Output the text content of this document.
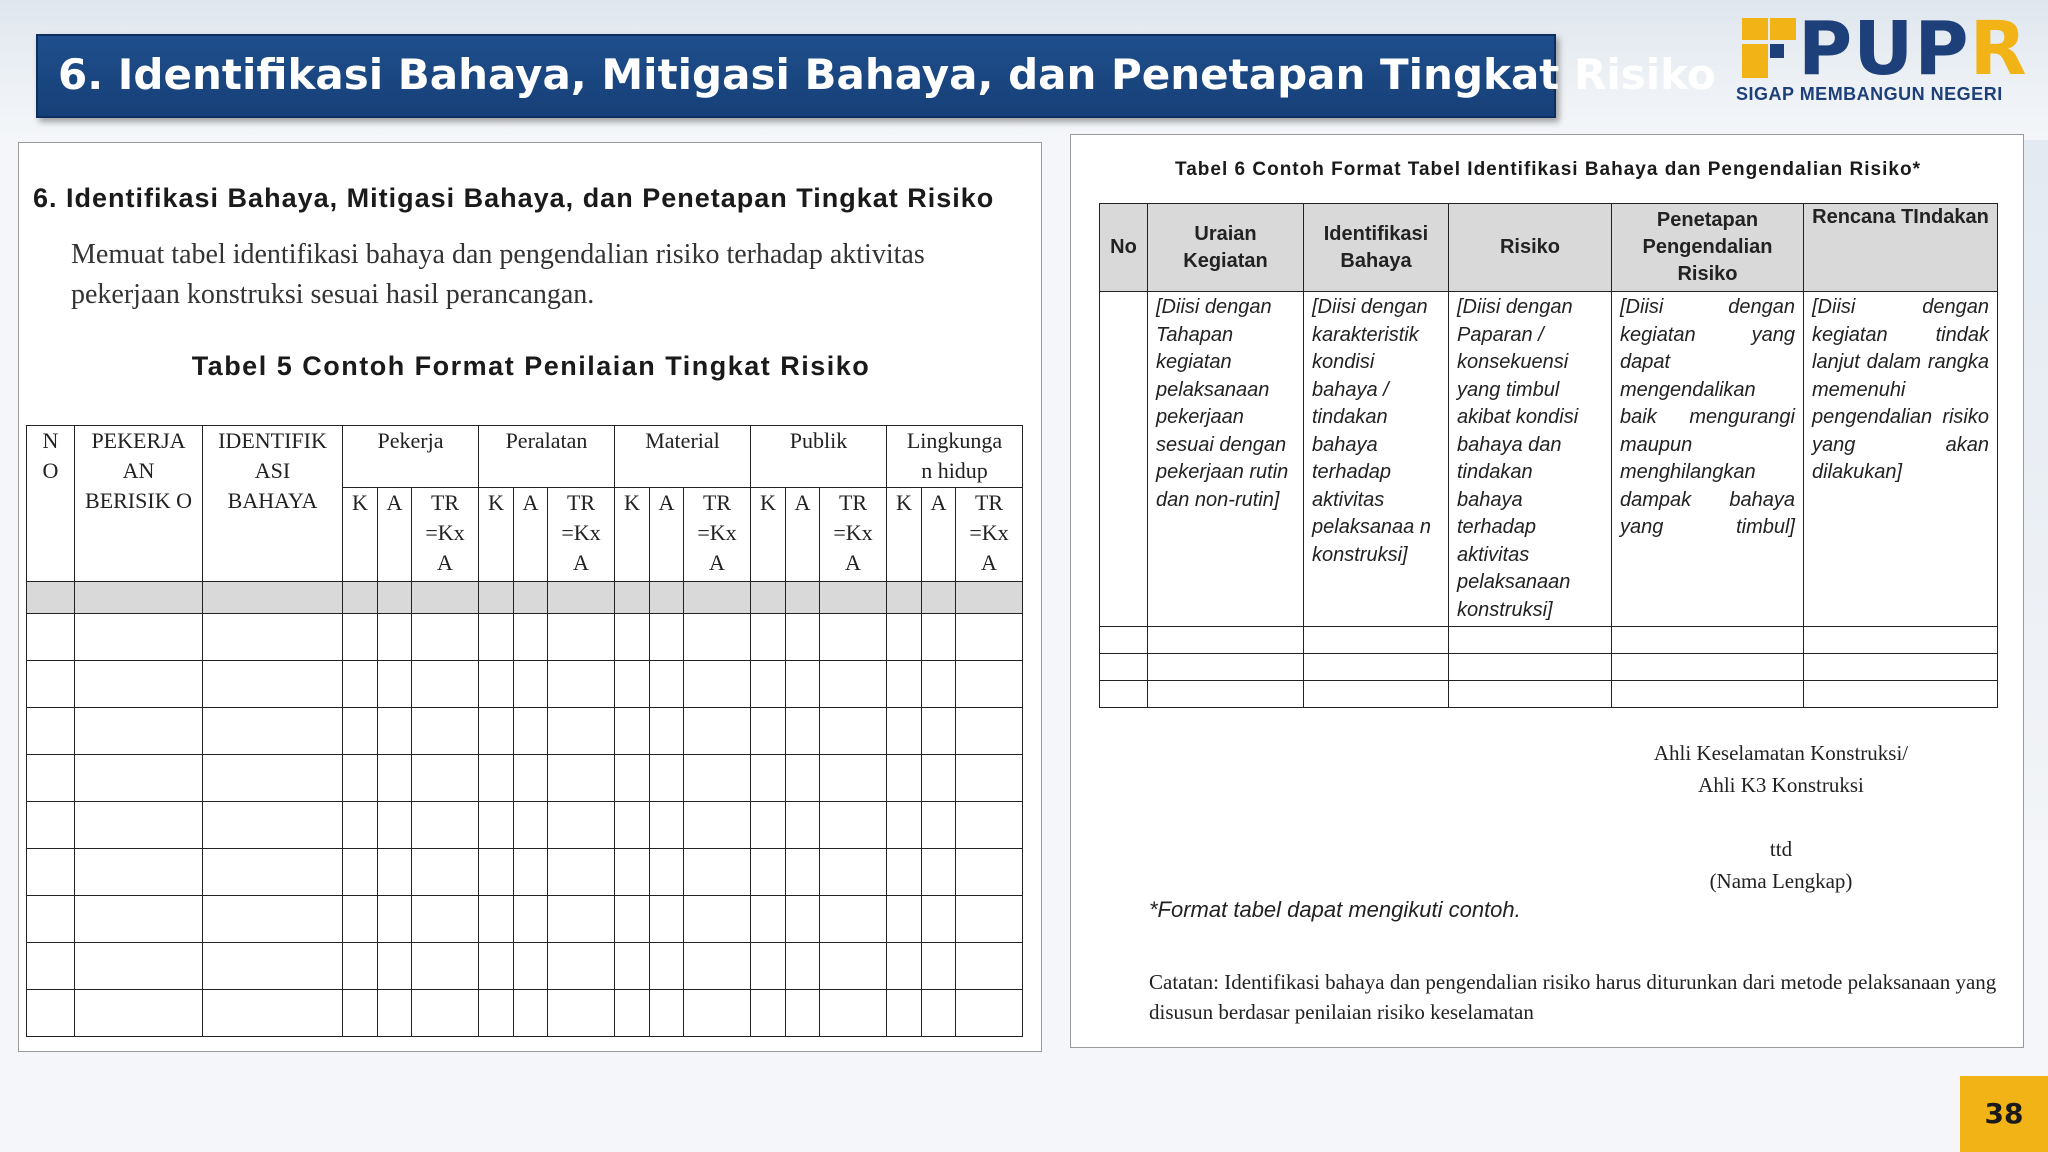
6. Identifikasi Bahaya, Mitigasi Bahaya, dan Penetapan Tingkat Risiko PUPR
SIGAP MEMBANGUN NEGERI
6. Identifikasi Bahaya, Mitigasi Bahaya, dan Penetapan Tingkat Risiko
Memuat tabel identifikasi bahaya dan pengendalian risiko terhadap aktivitas pekerjaan konstruksi sesuai hasil perancangan.
Tabel 5 Contoh Format Penilaian Tingkat Risiko
N O	PEKERJA AN BERISIK O	IDENTIFIK ASI BAHAYA	Pekerja			Peralatan			Material			Publik			Lingkunga n hidup		
			K	A	TR =Kx A	K	A	TR =Kx A	K	A	TR =Kx A	K	A	TR =Kx A	K	A	TR =Kx A

Tabel 6 Contoh Format Tabel Identifikasi Bahaya dan Pengendalian Risiko*
No	Uraian Kegiatan	Identifikasi Bahaya	Risiko	Penetapan Pengendalian Risiko	Rencana TIndakan
	[Diisi dengan Tahapan kegiatan pelaksanaan pekerjaan sesuai dengan pekerjaan rutin dan non-rutin]	[Diisi dengan karakteristik kondisi bahaya / tindakan bahaya terhadap aktivitas pelaksanaa n konstruksi]	[Diisi dengan Paparan / konsekuensi yang timbul akibat kondisi bahaya dan tindakan bahaya terhadap aktivitas pelaksanaan konstruksi]	[Diisi dengan kegiatan yang dapat mengendalikan baik mengurangi maupun menghilangkan dampak bahaya yang timbul]	[Diisi dengan kegiatan tindak lanjut dalam rangka memenuhi pengendalian risiko yang akan dilakukan]

Ahli Keselamatan Konstruksi/
Ahli K3 Konstruksi
ttd
(Nama Lengkap)
*Format tabel dapat mengikuti contoh.
Catatan: Identifikasi bahaya dan pengendalian risiko harus diturunkan dari metode pelaksanaan yang disusun berdasar penilaian risiko keselamatan
38
